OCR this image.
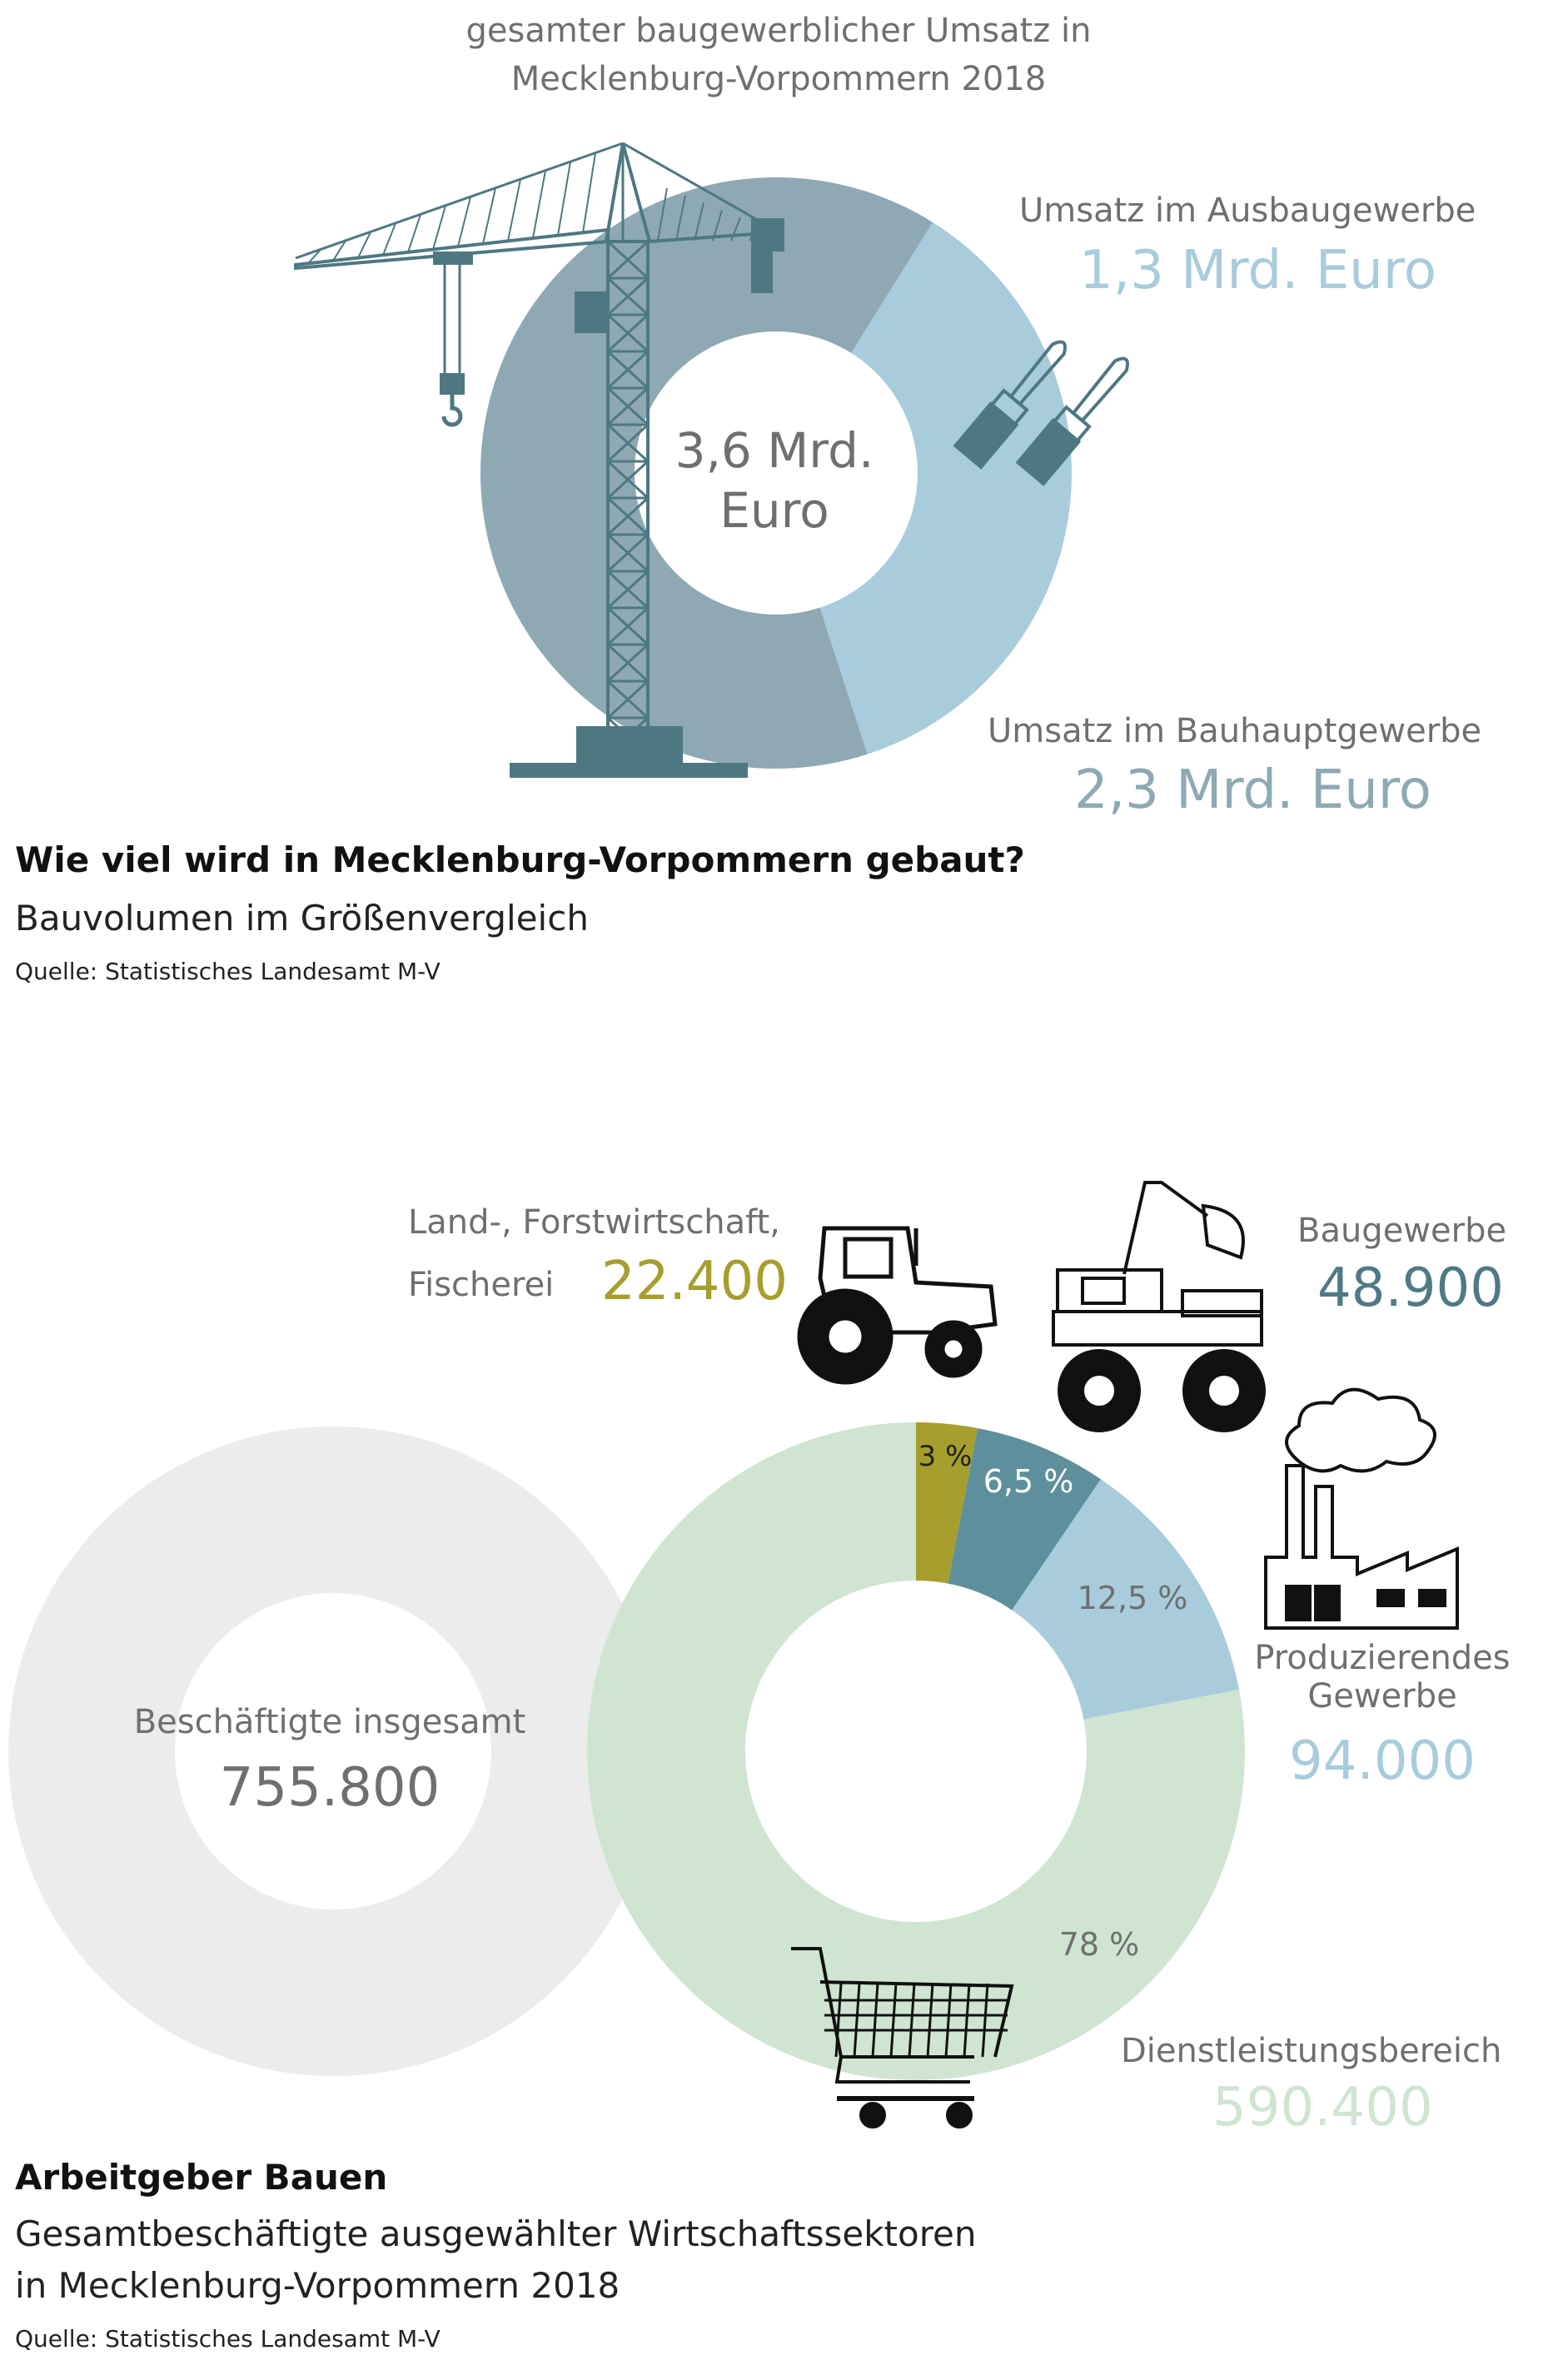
gesamter baugewerblicher Umsatz in
Mecklenburg-Vorpommern 2018

3,6 Mrd.
Euro

Umsatz im Ausbaugewerbe

1,3 Mrd. Euro

Umsatz im Bauhauptgewerbe

2,3 Mrd. Euro

Wie viel wird in Mecklenburg-Vorpommern gebaut?

Bauvolumen im Größenvergleich

Quelle: Statistisches Landesamt M-V

3 %
6,5 %
12,5 %
78 %

Land-, Forstwirtschaft,

Fischerei 22.400

Baugewerbe

48.900

Produzierendes
Gewerbe

94.000

Dienstleistungsbereich

590.400

Beschäftigte insgesamt

755.800

Arbeitgeber Bauen

Gesamtbeschäftigte ausgewählter Wirtschaftssektoren

in Mecklenburg-Vorpommern 2018

Quelle: Statistisches Landesamt M-V
